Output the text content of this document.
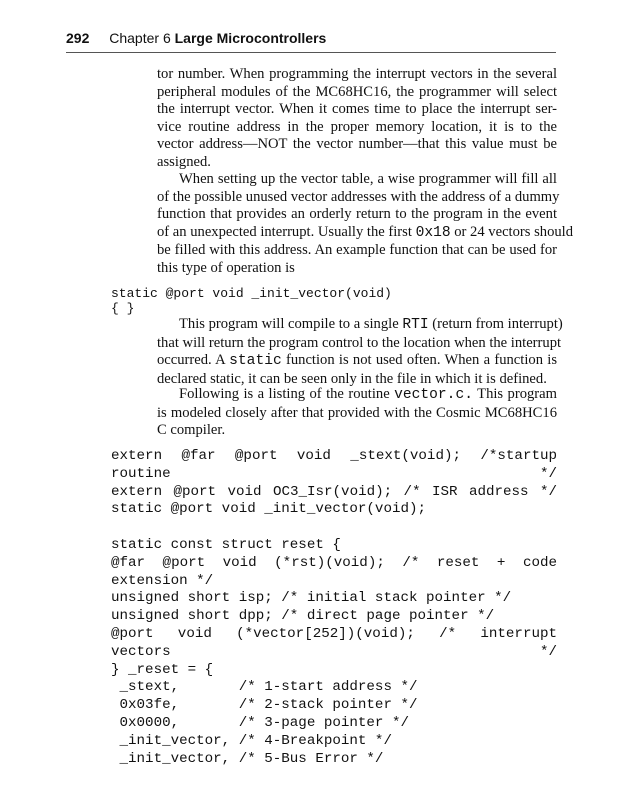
292 Chapter 6 Large Microcontrollers
tor number. When programming the interrupt vectors in the several
peripheral modules of the MC68HC16, the programmer will select
the interrupt vector. When it comes time to place the interrupt ser-
vice routine address in the proper memory location, it is to the
vector address—NOT the vector number—that this value must be
assigned.
When setting up the vector table, a wise programmer will fill all
of the possible unused vector addresses with the address of a dummy
function that provides an orderly return to the program in the event
of an unexpected interrupt. Usually the first 0x18 or 24 vectors should
be filled with this address. An example function that can be used for
this type of operation is
static @port void _init_vector(void)
{ }
This program will compile to a single RTI (return from interrupt)
that will return the program control to the location when the interrupt
occurred. A static function is not used often. When a function is
declared static, it can be seen only in the file in which it is defined.
Following is a listing of the routine vector.c. This program
is modeled closely after that provided with the Cosmic MC68HC16
C compiler.
extern @far @port void _stext(void); /*startup routine */
extern @port void OC3_Isr(void); /* ISR address */
static @port void _init_vector(void);

static const struct reset {
@far @port void (*rst)(void); /* reset + code
extension */
unsigned short isp; /* initial stack pointer */
unsigned short dpp; /* direct page pointer */
@port void (*vector[252])(void); /* interrupt vectors */
} _reset = {
_stext,       /* 1-start address */
0x03fe,       /* 2-stack pointer */
0x0000,       /* 3-page pointer */
_init_vector, /* 4-Breakpoint */
_init_vector, /* 5-Bus Error */
